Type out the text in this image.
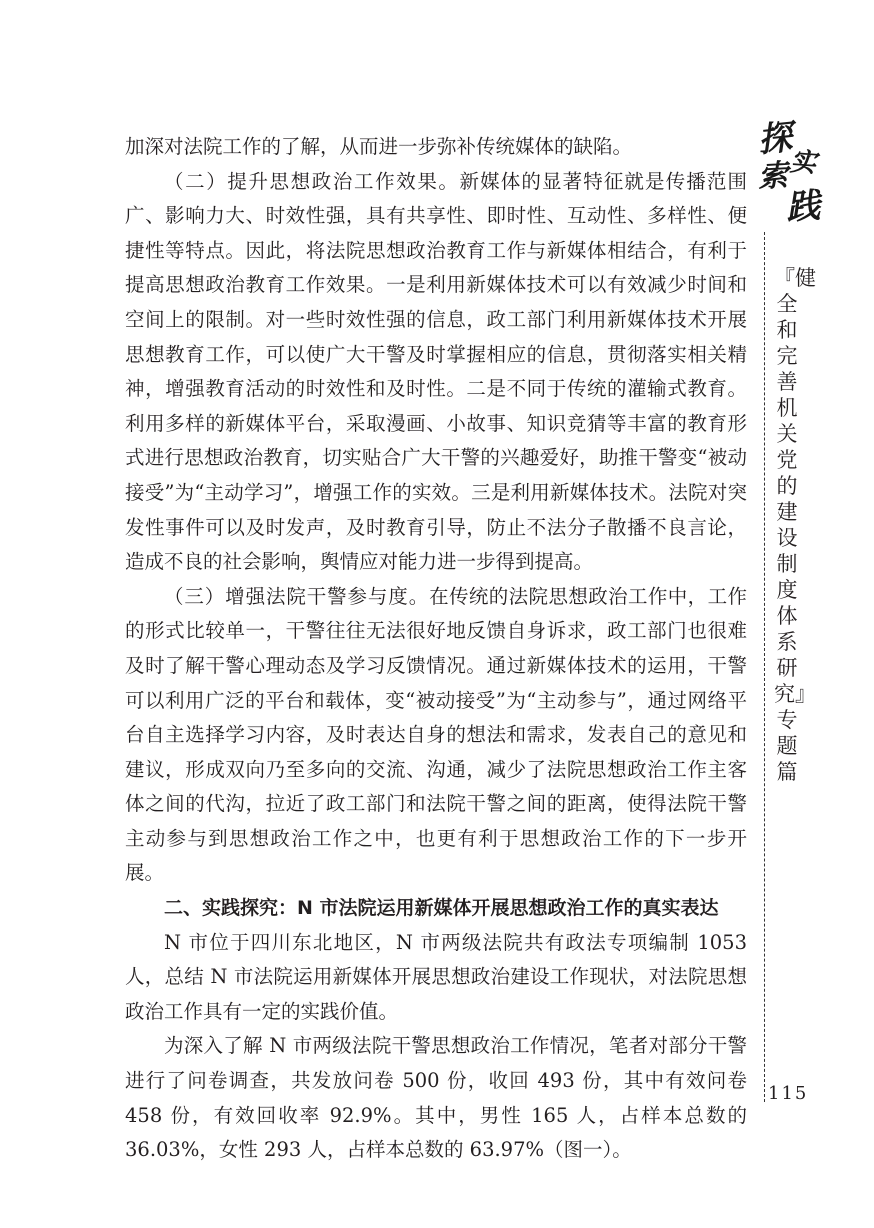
加深对法院工作的了解，从而进一步弥补传统媒体的缺陷。

（二）提升思想政治工作效果。新媒体的显著特征就是传播范围广、影响力大、时效性强，具有共享性、即时性、互动性、多样性、便捷性等特点。因此，将法院思想政治教育工作与新媒体相结合，有利于提高思想政治教育工作效果。一是利用新媒体技术可以有效减少时间和空间上的限制。对一些时效性强的信息，政工部门利用新媒体技术开展思想教育工作，可以使广大干警及时掌握相应的信息，贯彻落实相关精神，增强教育活动的时效性和及时性。二是不同于传统的灌输式教育。利用多样的新媒体平台，采取漫画、小故事、知识竞猜等丰富的教育形式进行思想政治教育，切实贴合广大干警的兴趣爱好，助推干警变“被动接受”为“主动学习”，增强工作的实效。三是利用新媒体技术。法院对突发性事件可以及时发声，及时教育引导，防止不法分子散播不良言论，造成不良的社会影响，舆情应对能力进一步得到提高。

（三）增强法院干警参与度。在传统的法院思想政治工作中，工作的形式比较单一，干警往往无法很好地反馈自身诉求，政工部门也很难及时了解干警心理动态及学习反馈情况。通过新媒体技术的运用，干警可以利用广泛的平台和载体，变“被动接受”为“主动参与”，通过网络平台自主选择学习内容，及时表达自身的想法和需求，发表自己的意见和建议，形成双向乃至多向的交流、沟通，减少了法院思想政治工作主客体之间的代沟，拉近了政工部门和法院干警之间的距离，使得法院干警主动参与到思想政治工作之中，也更有利于思想政治工作的下一步开展。

二、实践探究：N 市法院运用新媒体开展思想政治工作的真实表达

N 市位于四川东北地区，N 市两级法院共有政法专项编制 1053 人，总结 N 市法院运用新媒体开展思想政治建设工作现状，对法院思想政治工作具有一定的实践价值。

为深入了解 N 市两级法院干警思想政治工作情况，笔者对部分干警进行了问卷调查，共发放问卷 500 份，收回 493 份，其中有效问卷 458 份，有效回收率 92.9%。其中，男性 165 人，占样本总数的 36.03%，女性 293 人，占样本总数的 63.97%（图一）。

探
实
索
践
『健全和完善机关党的建设制度体系研究』专题篇
115
